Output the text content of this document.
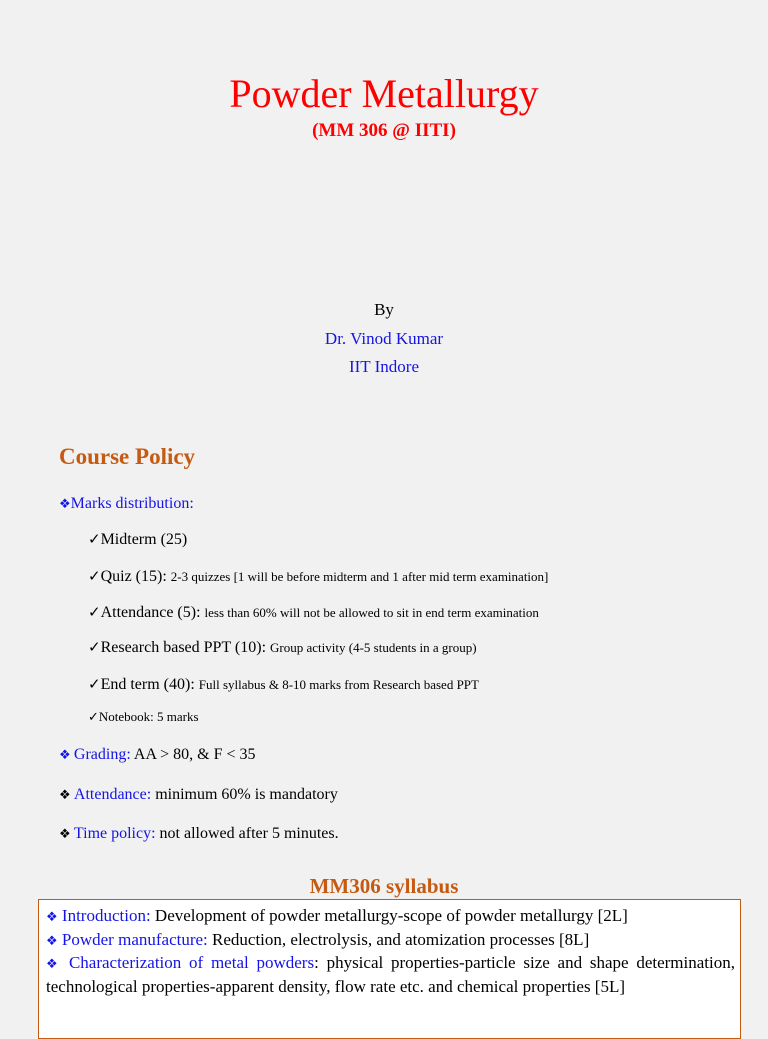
Powder Metallurgy
(MM 306 @ IITI)
By
Dr. Vinod Kumar
IIT Indore
Course Policy
❖Marks distribution:
✓Midterm (25)
✓Quiz (15): 2-3 quizzes [1 will be before midterm and 1 after mid term examination]
✓Attendance (5): less than 60% will not be allowed to sit in end term examination
✓Research based PPT (10): Group activity (4-5 students in a group)
✓End term (40): Full syllabus & 8-10 marks from Research based PPT
✓Notebook: 5 marks
❖ Grading: AA > 80, & F < 35
❖ Attendance: minimum 60% is mandatory
❖ Time policy: not allowed after 5 minutes.
MM306 syllabus
❖ Introduction: Development of powder metallurgy-scope of powder metallurgy [2L]
❖ Powder manufacture: Reduction, electrolysis, and atomization processes [8L]
❖ Characterization of metal powders: physical properties-particle size and shape determination, technological properties-apparent density, flow rate etc. and chemical properties [5L]
